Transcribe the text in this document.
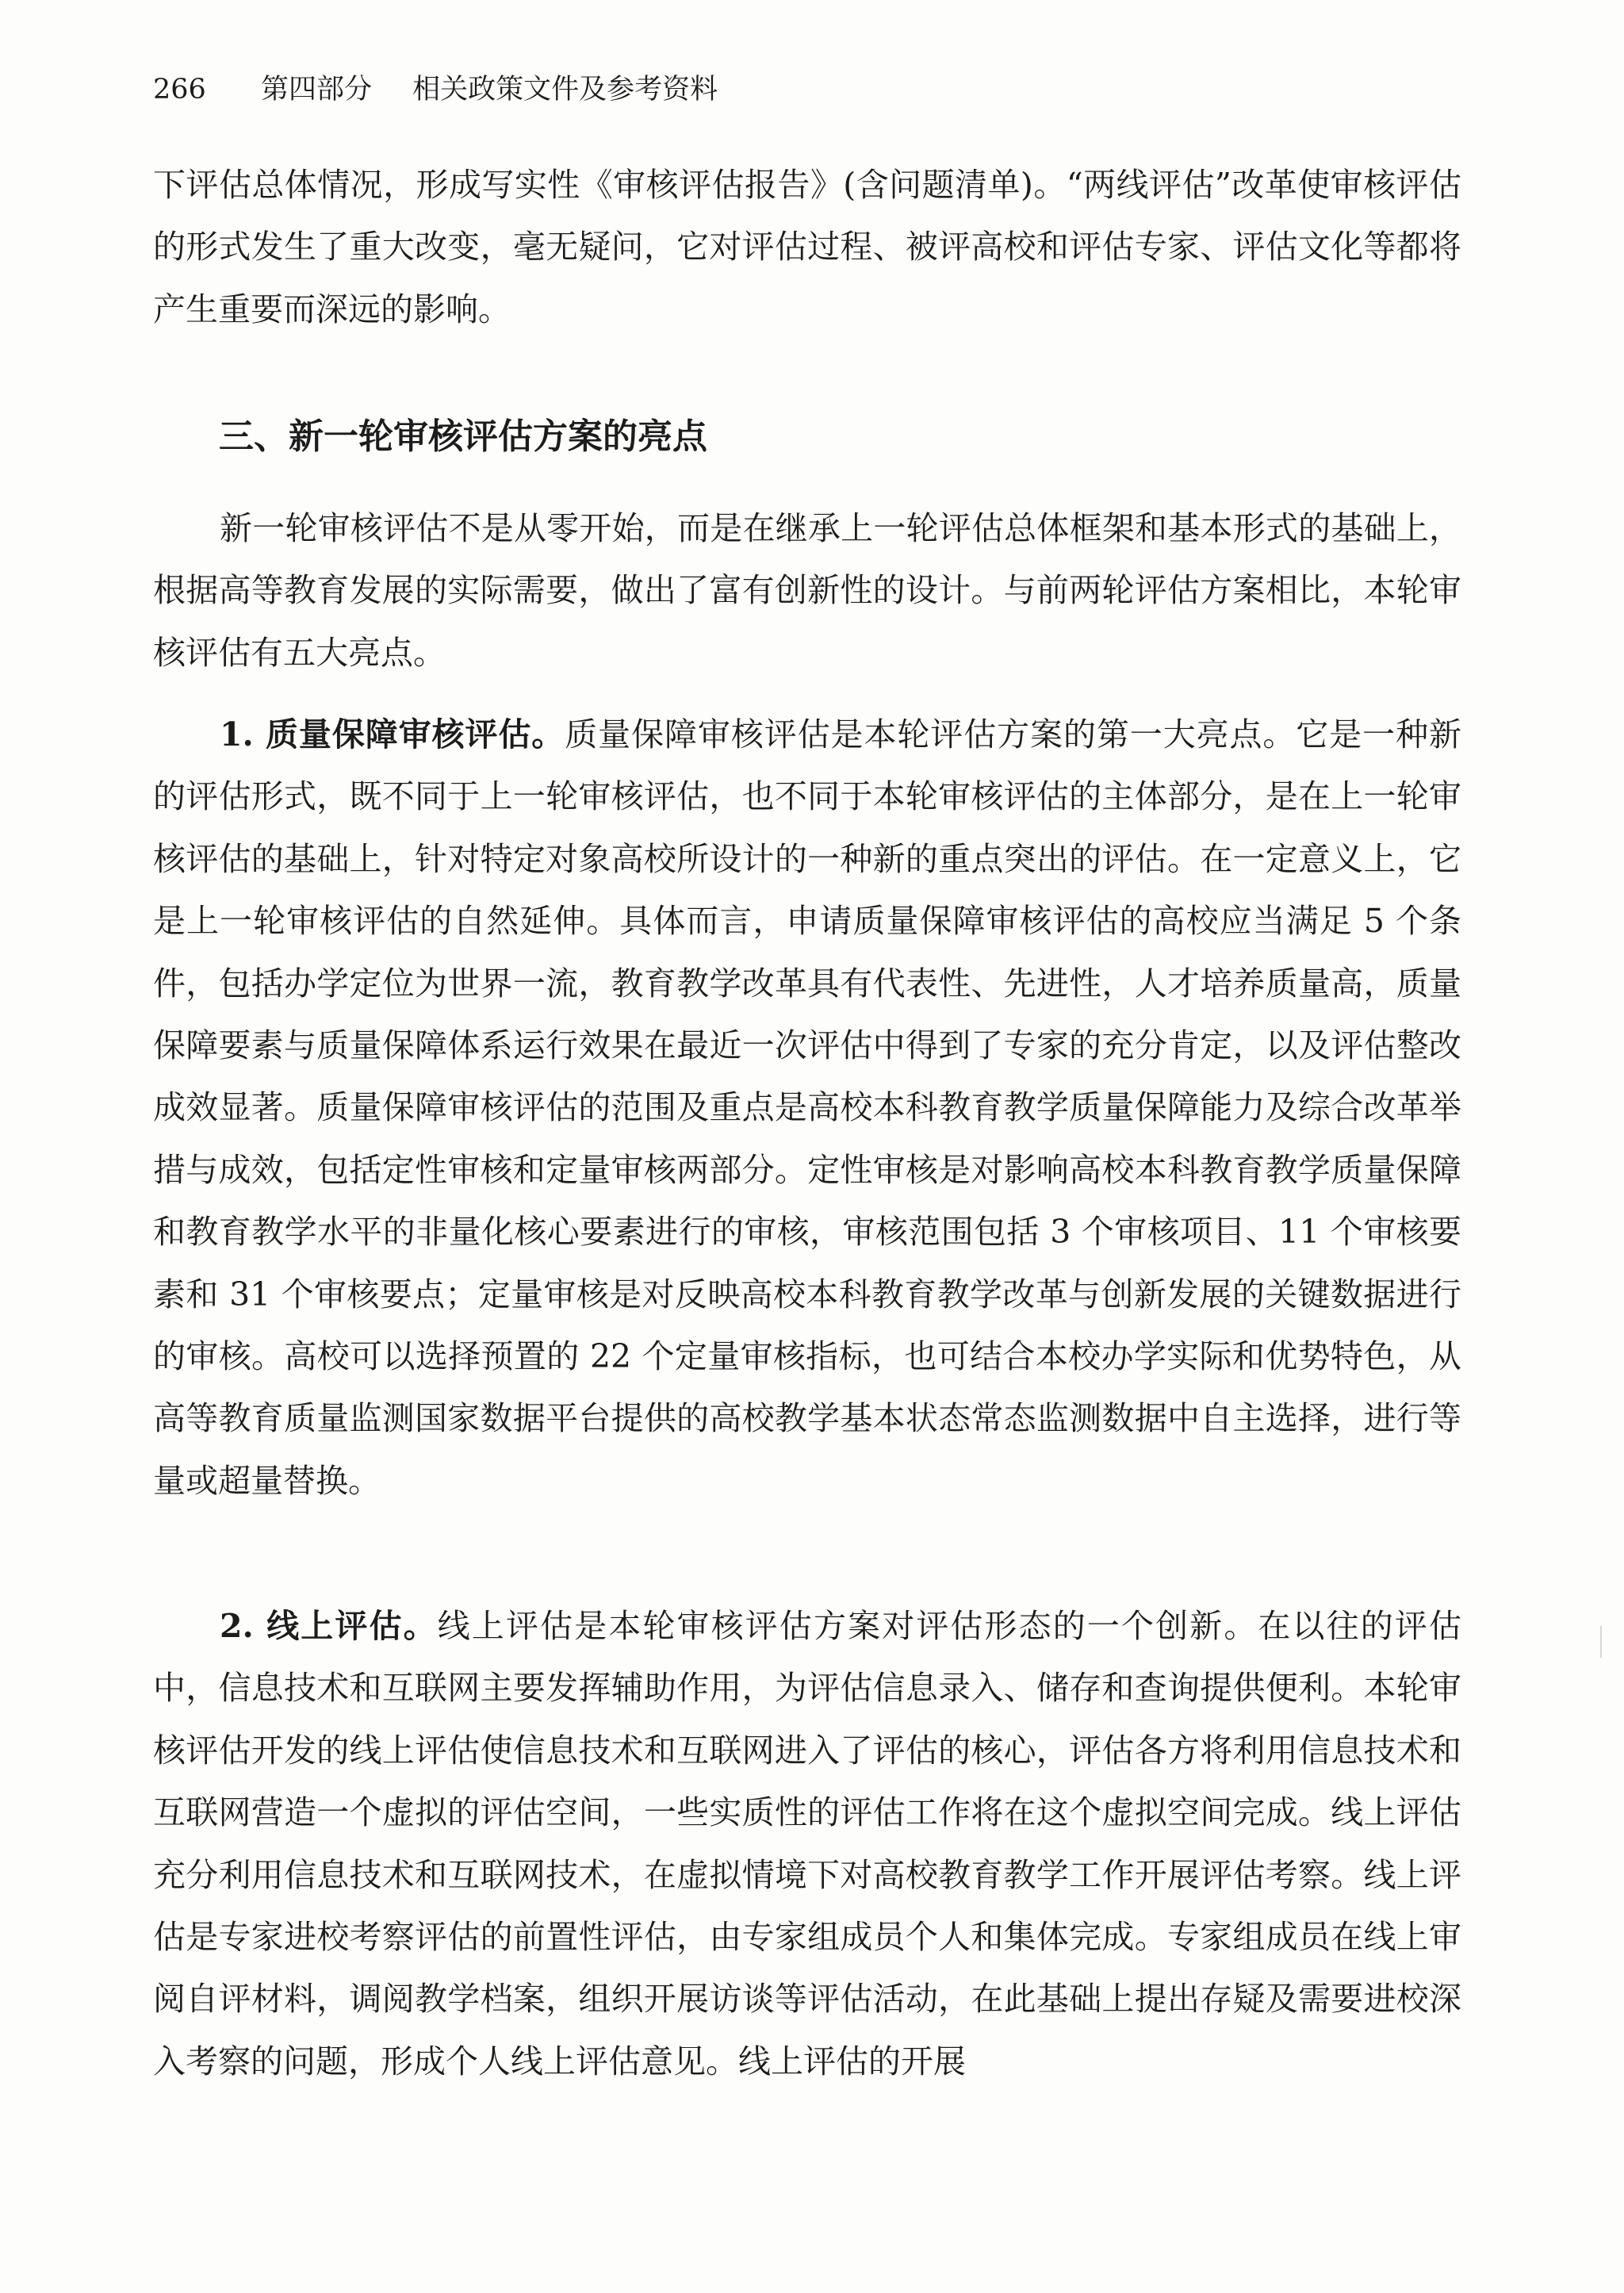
266 第四部分 相关政策文件及参考资料

下评估总体情况，形成写实性《审核评估报告》(含问题清单)。“两线评估”改革使审核评估的形式发生了重大改变，毫无疑问，它对评估过程、被评高校和评估专家、评估文化等都将产生重要而深远的影响。

三、新一轮审核评估方案的亮点

新一轮审核评估不是从零开始，而是在继承上一轮评估总体框架和基本形式的基础上，根据高等教育发展的实际需要，做出了富有创新性的设计。与前两轮评估方案相比，本轮审核评估有五大亮点。

1. 质量保障审核评估。质量保障审核评估是本轮评估方案的第一大亮点。它是一种新的评估形式，既不同于上一轮审核评估，也不同于本轮审核评估的主体部分，是在上一轮审核评估的基础上，针对特定对象高校所设计的一种新的重点突出的评估。在一定意义上，它是上一轮审核评估的自然延伸。具体而言，申请质量保障审核评估的高校应当满足 5 个条件，包括办学定位为世界一流，教育教学改革具有代表性、先进性，人才培养质量高，质量保障要素与质量保障体系运行效果在最近一次评估中得到了专家的充分肯定，以及评估整改成效显著。质量保障审核评估的范围及重点是高校本科教育教学质量保障能力及综合改革举措与成效，包括定性审核和定量审核两部分。定性审核是对影响高校本科教育教学质量保障和教育教学水平的非量化核心要素进行的审核，审核范围包括 3 个审核项目、11 个审核要素和 31 个审核要点；定量审核是对反映高校本科教育教学改革与创新发展的关键数据进行的审核。高校可以选择预置的 22 个定量审核指标，也可结合本校办学实际和优势特色，从高等教育质量监测国家数据平台提供的高校教学基本状态常态监测数据中自主选择，进行等量或超量替换。

2. 线上评估。线上评估是本轮审核评估方案对评估形态的一个创新。在以往的评估中，信息技术和互联网主要发挥辅助作用，为评估信息录入、储存和查询提供便利。本轮审核评估开发的线上评估使信息技术和互联网进入了评估的核心，评估各方将利用信息技术和互联网营造一个虚拟的评估空间，一些实质性的评估工作将在这个虚拟空间完成。线上评估充分利用信息技术和互联网技术，在虚拟情境下对高校教育教学工作开展评估考察。线上评估是专家进校考察评估的前置性评估，由专家组成员个人和集体完成。专家组成员在线上审阅自评材料，调阅教学档案，组织开展访谈等评估活动，在此基础上提出存疑及需要进校深入考察的问题，形成个人线上评估意见。线上评估的开展
